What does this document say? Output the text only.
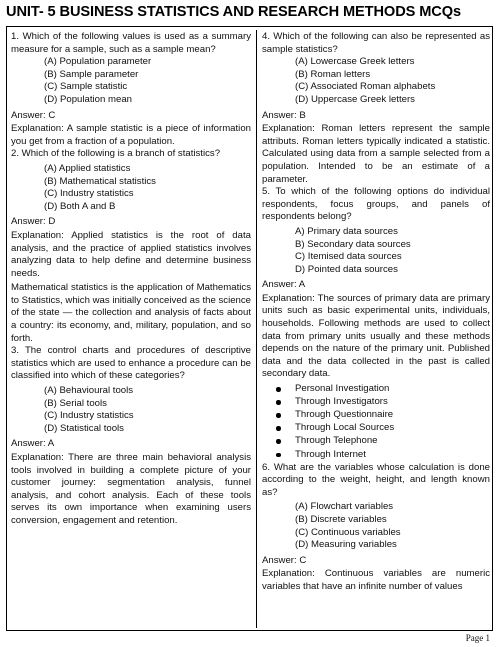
UNIT- 5 BUSINESS STATISTICS AND RESEARCH METHODS MCQs

1. Which of the following values is used as a summary measure for a sample, such as a sample mean?

(A) Population parameter

(B) Sample parameter

(C) Sample statistic

(D) Population mean

Answer: C

Explanation: A sample statistic is a piece of information you get from a fraction of a population.

2. Which of the following is a branch of statistics?

(A) Applied statistics

(B) Mathematical statistics

(C) Industry statistics

(D) Both A and B

Answer: D

Explanation: Applied statistics is the root of data analysis, and the practice of applied statistics involves analyzing data to help define and determine business needs.

Mathematical statistics is the application of Mathematics to Statistics, which was initially conceived as the science of the state — the collection and analysis of facts about a country: its economy, and, military, population, and so forth.

3. The control charts and procedures of descriptive statistics which are used to enhance a procedure can be classified into which of these categories?

(A) Behavioural tools

(B) Serial tools

(C) Industry statistics

(D) Statistical tools

Answer: A

Explanation: There are three main behavioral analysis tools involved in building a complete picture of your customer journey: segmentation analysis, funnel analysis, and cohort analysis. Each of these tools serves its own importance when examining users conversion, engagement and retention.

4. Which of the following can also be represented as sample statistics?

(A) Lowercase Greek letters

(B) Roman letters

(C) Associated Roman alphabets

(D) Uppercase Greek letters

Answer: B

Explanation: Roman letters represent the sample attributs. Roman letters typically indicated a statistic. Calculated using data from a sample selected from a population. Intended to be an estimate of a parameter.

5. To which of the following options do individual respondents, focus groups, and panels of respondents belong?

A) Primary data sources

B) Secondary data sources

C) Itemised data sources

D) Pointed data sources

Answer: A

Explanation: The sources of primary data are primary units such as basic experimental units, individuals, households. Following methods are used to collect data from primary units usually and these methods depends on the nature of the primary unit. Published data and the data collected in the past is called secondary data.

Personal Investigation
Through Investigators
Through Questionnaire
Through Local Sources
Through Telephone
Through Internet

6. What are the variables whose calculation is done according to the weight, height, and length known as?

(A) Flowchart variables

(B) Discrete variables

(C) Continuous variables

(D) Measuring variables

Answer: C

Explanation: Continuous variables are numeric variables that have an infinite number of values

Page 1
